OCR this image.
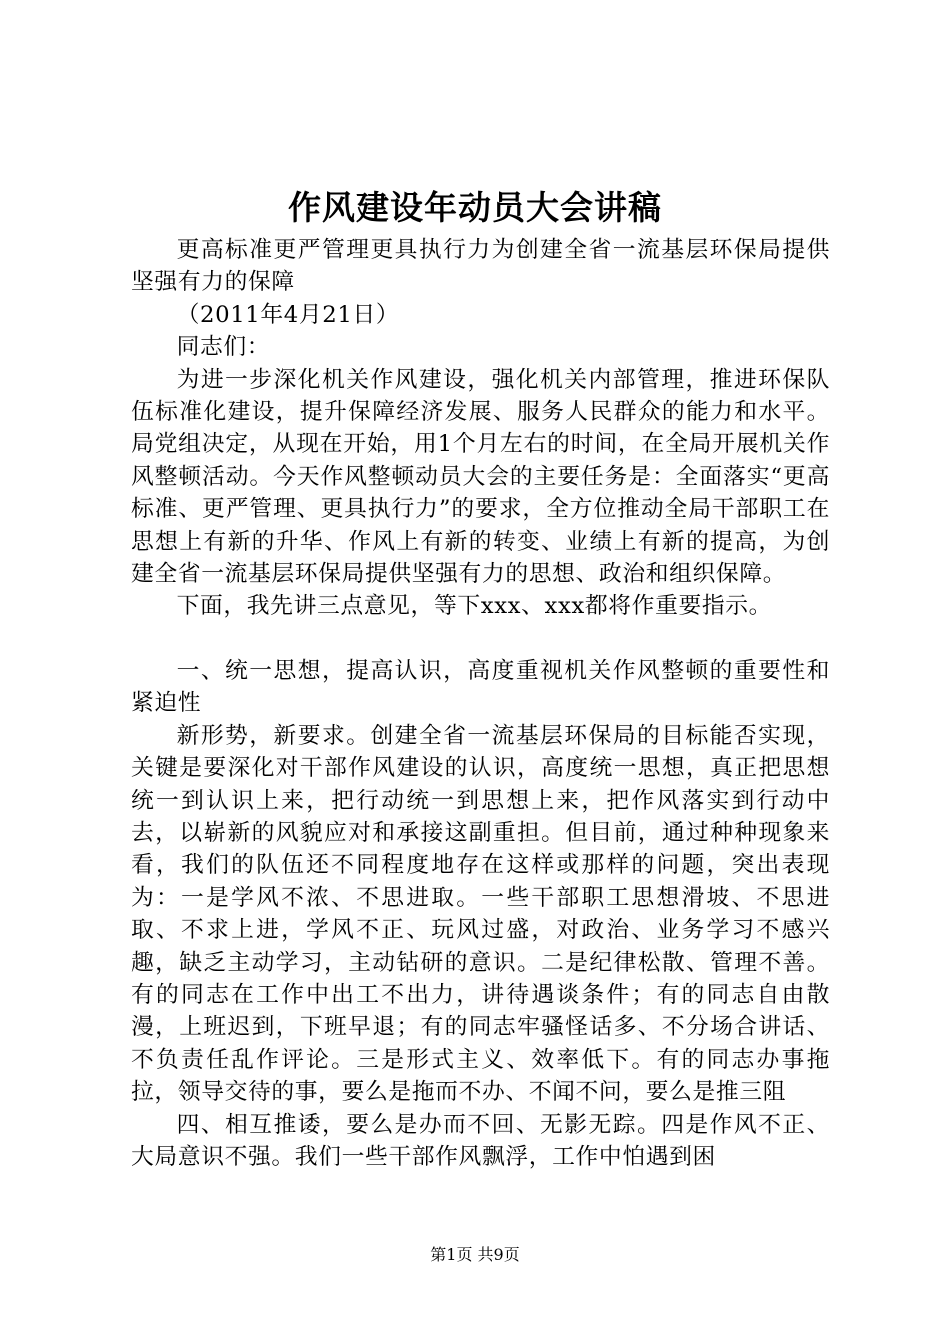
作风建设年动员大会讲稿

更高标准更严管理更具执行力为创建全省一流基层环保局提供坚强有力的保障

（2011年4月21日）

同志们：

为进一步深化机关作风建设，强化机关内部管理，推进环保队伍标准化建设，提升保障经济发展、服务人民群众的能力和水平。局党组决定，从现在开始，用1个月左右的时间，在全局开展机关作风整顿活动。今天作风整顿动员大会的主要任务是：全面落实“更高标准、更严管理、更具执行力”的要求，全方位推动全局干部职工在思想上有新的升华、作风上有新的转变、业绩上有新的提高，为创建全省一流基层环保局提供坚强有力的思想、政治和组织保障。

下面，我先讲三点意见，等下xxx、xxx都将作重要指示。

一、统一思想，提高认识，高度重视机关作风整顿的重要性和紧迫性

新形势，新要求。创建全省一流基层环保局的目标能否实现，关键是要深化对干部作风建设的认识，高度统一思想，真正把思想统一到认识上来，把行动统一到思想上来，把作风落实到行动中去，以崭新的风貌应对和承接这副重担。但目前，通过种种现象来看，我们的队伍还不同程度地存在这样或那样的问题，突出表现为：一是学风不浓、不思进取。一些干部职工思想滑坡、不思进取、不求上进，学风不正、玩风过盛，对政治、业务学习不感兴趣，缺乏主动学习，主动钻研的意识。二是纪律松散、管理不善。有的同志在工作中出工不出力，讲待遇谈条件；有的同志自由散漫，上班迟到，下班早退；有的同志牢骚怪话多、不分场合讲话、不负责任乱作评论。三是形式主义、效率低下。有的同志办事拖拉，领导交待的事，要么是拖而不办、不闻不问，要么是推三阻

四、相互推诿，要么是办而不回、无影无踪。四是作风不正、大局意识不强。我们一些干部作风飘浮，工作中怕遇到困

第1页 共9页
